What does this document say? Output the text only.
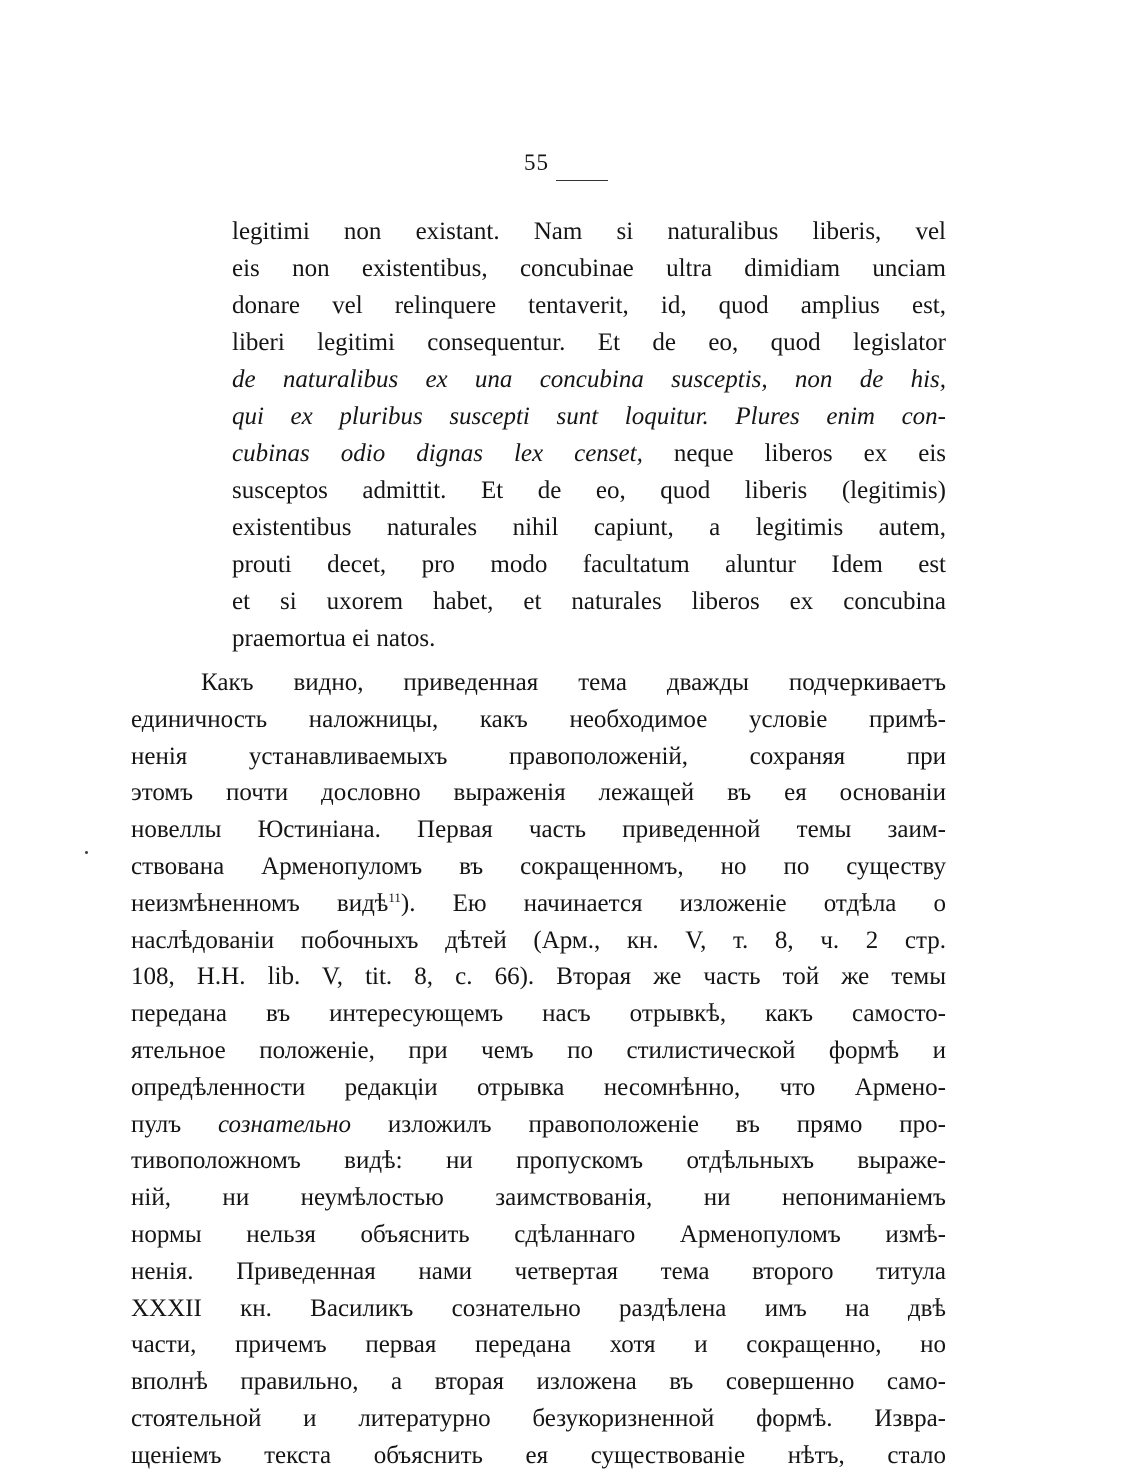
55
legitimi non existant. Nam si naturalibus liberis, vel
eis non existentibus, concubinae ultra dimidiam unciam
donare vel relinquere tentaverit, id, quod amplius est,
liberi legitimi consequentur. Et de eo, quod legislator
de naturalibus ex una concubina susceptis, non de his,
qui ex pluribus suscepti sunt loquitur. Plures enim con-
cubinas odio dignas lex censet, neque liberos ex eis
susceptos admittit. Et de eo, quod liberis (legitimis)
existentibus naturales nihil capiunt, a legitimis autem,
prouti decet, pro modo facultatum aluntur Idem est
et si uxorem habet, et naturales liberos ex concubina
praemortua ei natos.
Какъ видно, приведенная тема дважды подчеркиваетъ
единичность наложницы, какъ необходимое условіе примѣ-
ненія устанавливаемыхъ правоположеній, сохраняя при
этомъ почти дословно выраженія лежащей въ ея основаніи
новеллы Юстиніана. Первая часть приведенной темы заим-
ствована Арменопуломъ въ сокращенномъ, но по существу
неизмѣненномъ видѣ$^{11}$). Ею начинается изложеніе отдѣла о
наслѣдованіи побочныхъ дѣтей (Арм., кн. V, т. 8, ч. 2 стр.
108, H.H. lib. V, tit. 8, c. 66). Вторая же часть той же темы
передана въ интересующемъ насъ отрывкѣ, какъ самосто-
ятельное положеніе, при чемъ по стилистической формѣ и
опредѣленности редакціи отрывка несомнѣнно, что Армено-
пулъ сознательно изложилъ правоположеніе въ прямо про-
тивоположномъ видѣ: ни пропускомъ отдѣльныхъ выраже-
ній, ни неумѣлостью заимствованія, ни непониманіемъ
нормы нельзя объяснить сдѣланнаго Арменопуломъ измѣ-
ненія. Приведенная нами четвертая тема второго титула
XXXII кн. Василикъ сознательно раздѣлена имъ на двѣ
части, причемъ первая передана хотя и сокращенно, но
вполнѣ правильно, а вторая изложена въ совершенно само-
стоятельной и литературно безукоризненной формѣ. Извра-
щеніемъ текста объяснить ея существованіе нѣтъ, стало
